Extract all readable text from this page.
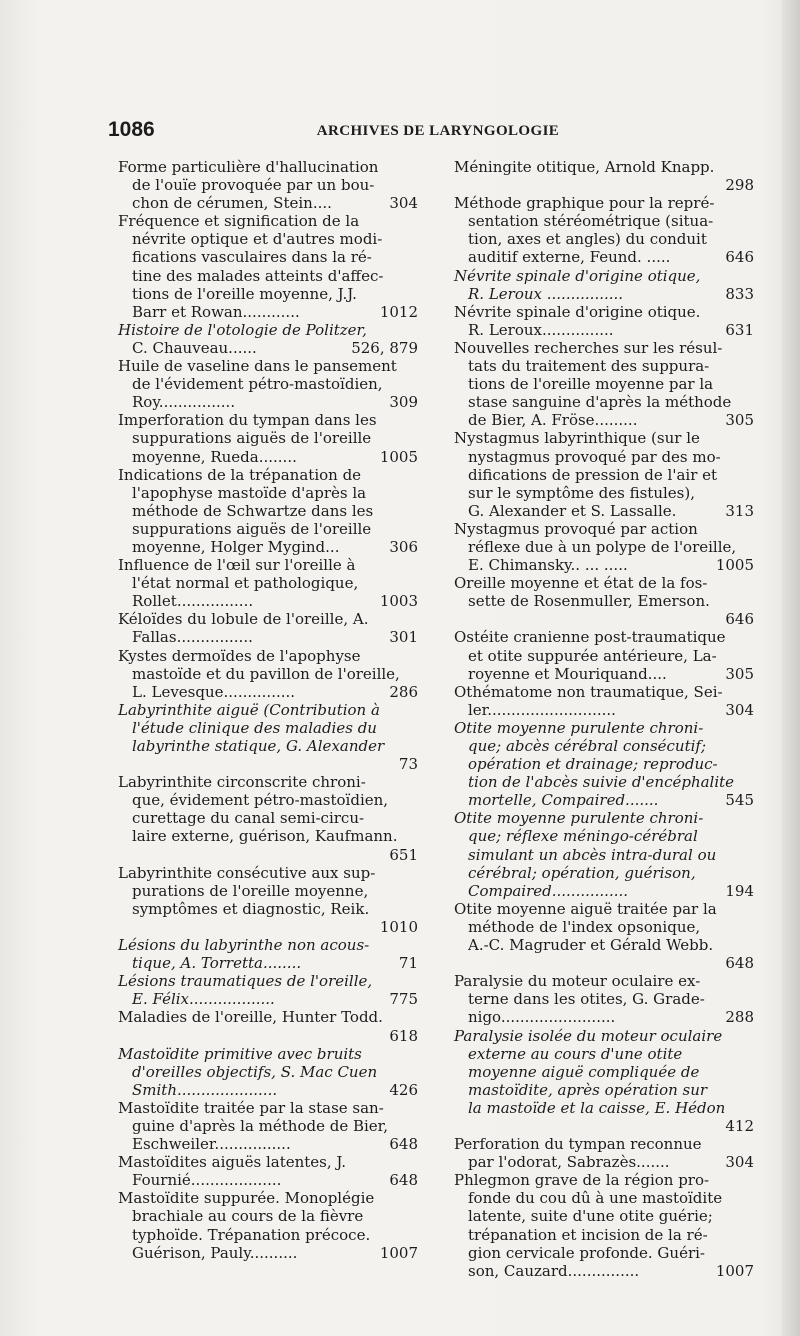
1086	ARCHIVES DE LARYNGOLOGIE
Forme particulière d'hallucination
de l'ouïe provoquée par un bou-
chon de cérumen, Stein....	304
Fréquence et signification de la
névrite optique et d'autres modi-
fications vasculaires dans la ré-
tine des malades atteints d'affec-
tions de l'oreille moyenne, J.J.
Barr et Rowan............	1012
Histoire de l'otologie de Politzer,
C. Chauveau......	526, 879
Huile de vaseline dans le pansement
de l'évidement pétro-mastoïdien,
Roy................	309
Imperforation du tympan dans les
suppurations aiguës de l'oreille
moyenne, Rueda........	1005
Indications de la trépanation de
l'apophyse mastoïde d'après la
méthode de Schwartze dans les
suppurations aiguës de l'oreille
moyenne, Holger Mygind...	306
Influence de l'œil sur l'oreille à
l'état normal et pathologique,
Rollet................	1003
Kéloïdes du lobule de l'oreille, A.
Fallas................	301
Kystes dermoïdes de l'apophyse
mastoïde et du pavillon de l'oreille,
L. Levesque...............	286
Labyrinthite aiguë (Contribution à
l'étude clinique des maladies du
labyrinthe statique, G. Alexander
73
Labyrinthite circonscrite chroni-
que, évidement pétro-mastoïdien,
curettage du canal semi-circu-
laire externe, guérison, Kaufmann.
651
Labyrinthite consécutive aux sup-
purations de l'oreille moyenne,
symptômes et diagnostic, Reik.
1010
Lésions du labyrinthe non acous-
tique, A. Torretta........	71
Lésions traumatiques de l'oreille,
E. Félix..................	775
Maladies de l'oreille, Hunter Todd.
618
Mastoïdite primitive avec bruits
d'oreilles objectifs, S. Mac Cuen
Smith.....................	426
Mastoïdite traitée par la stase san-
guine d'après la méthode de Bier,
Eschweiler................	648
Mastoïdites aiguës latentes, J.
Fournié...................	648
Mastoïdite suppurée. Monoplégie
brachiale au cours de la fièvre
typhoïde. Trépanation précoce.
Guérison, Pauly..........	1007
Méningite otitique, Arnold Knapp.
298
Méthode graphique pour la repré-
sentation stéréométrique (situa-
tion, axes et angles) du conduit
auditif externe, Feund. .....	646
Névrite spinale d'origine otique,
R. Leroux ................	833
Névrite spinale d'origine otique.
R. Leroux...............	631
Nouvelles recherches sur les résul-
tats du traitement des suppura-
tions de l'oreille moyenne par la
stase sanguine d'après la méthode
de Bier, A. Fröse.........	305
Nystagmus labyrinthique (sur le
nystagmus provoqué par des mo-
difications de pression de l'air et
sur le symptôme des fistules),
G. Alexander et S. Lassalle.	313
Nystagmus provoqué par action
réflexe due à un polype de l'oreille,
E. Chimansky.. ... .....	1005
Oreille moyenne et état de la fos-
sette de Rosenmuller, Emerson.
646
Ostéite cranienne post-traumatique
et otite suppurée antérieure, La-
royenne et Mouriquand....	305
Othématome non traumatique, Sei-
ler...........................	304
Otite moyenne purulente chroni-
que; abcès cérébral consécutif;
opération et drainage; reproduc-
tion de l'abcès suivie d'encéphalite
mortelle, Compaired.......	545
Otite moyenne purulente chroni-
que; réflexe méningo-cérébral
simulant un abcès intra-dural ou
cérébral; opération, guérison,
Compaired................	194
Otite moyenne aiguë traitée par la
méthode de l'index opsonique,
A.-C. Magruder et Gérald Webb.
648
Paralysie du moteur oculaire ex-
terne dans les otites, G. Grade-
nigo........................	288
Paralysie isolée du moteur oculaire
externe au cours d'une otite
moyenne aiguë compliquée de
mastoïdite, après opération sur
la mastoïde et la caisse, E. Hédon
412
Perforation du tympan reconnue
par l'odorat, Sabrazès.......	304
Phlegmon grave de la région pro-
fonde du cou dû à une mastoïdite
latente, suite d'une otite guérie;
trépanation et incision de la ré-
gion cervicale profonde. Guéri-
son, Cauzard...............	1007
